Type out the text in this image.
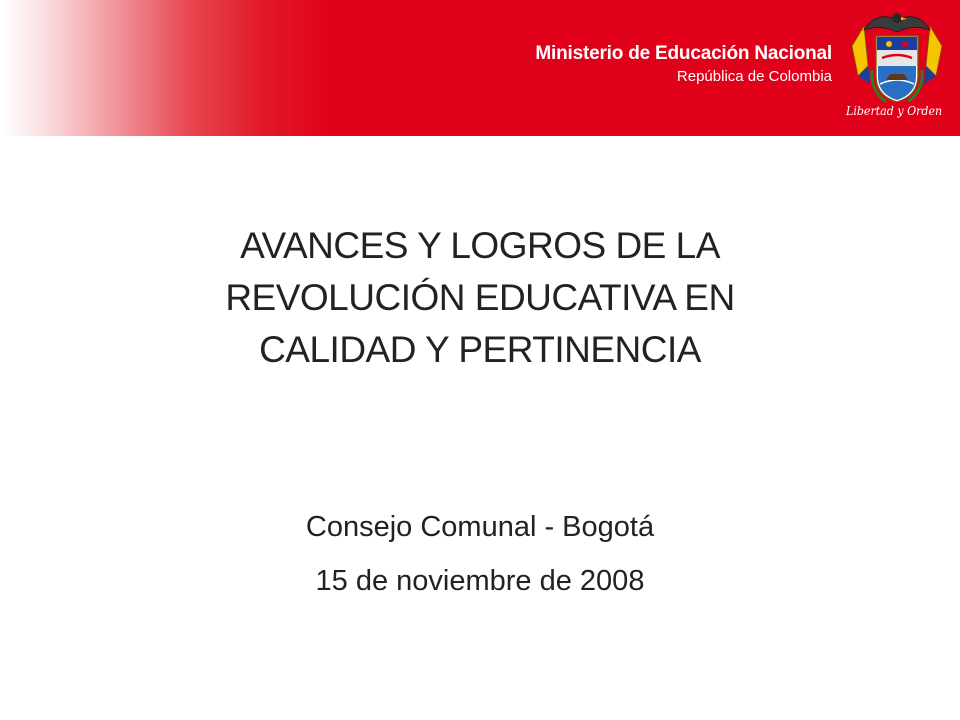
Ministerio de Educación Nacional
República de Colombia
Libertad y Orden
AVANCES Y LOGROS DE LA
REVOLUCIÓN EDUCATIVA EN
CALIDAD Y PERTINENCIA
Consejo Comunal - Bogotá
15 de noviembre de 2008
